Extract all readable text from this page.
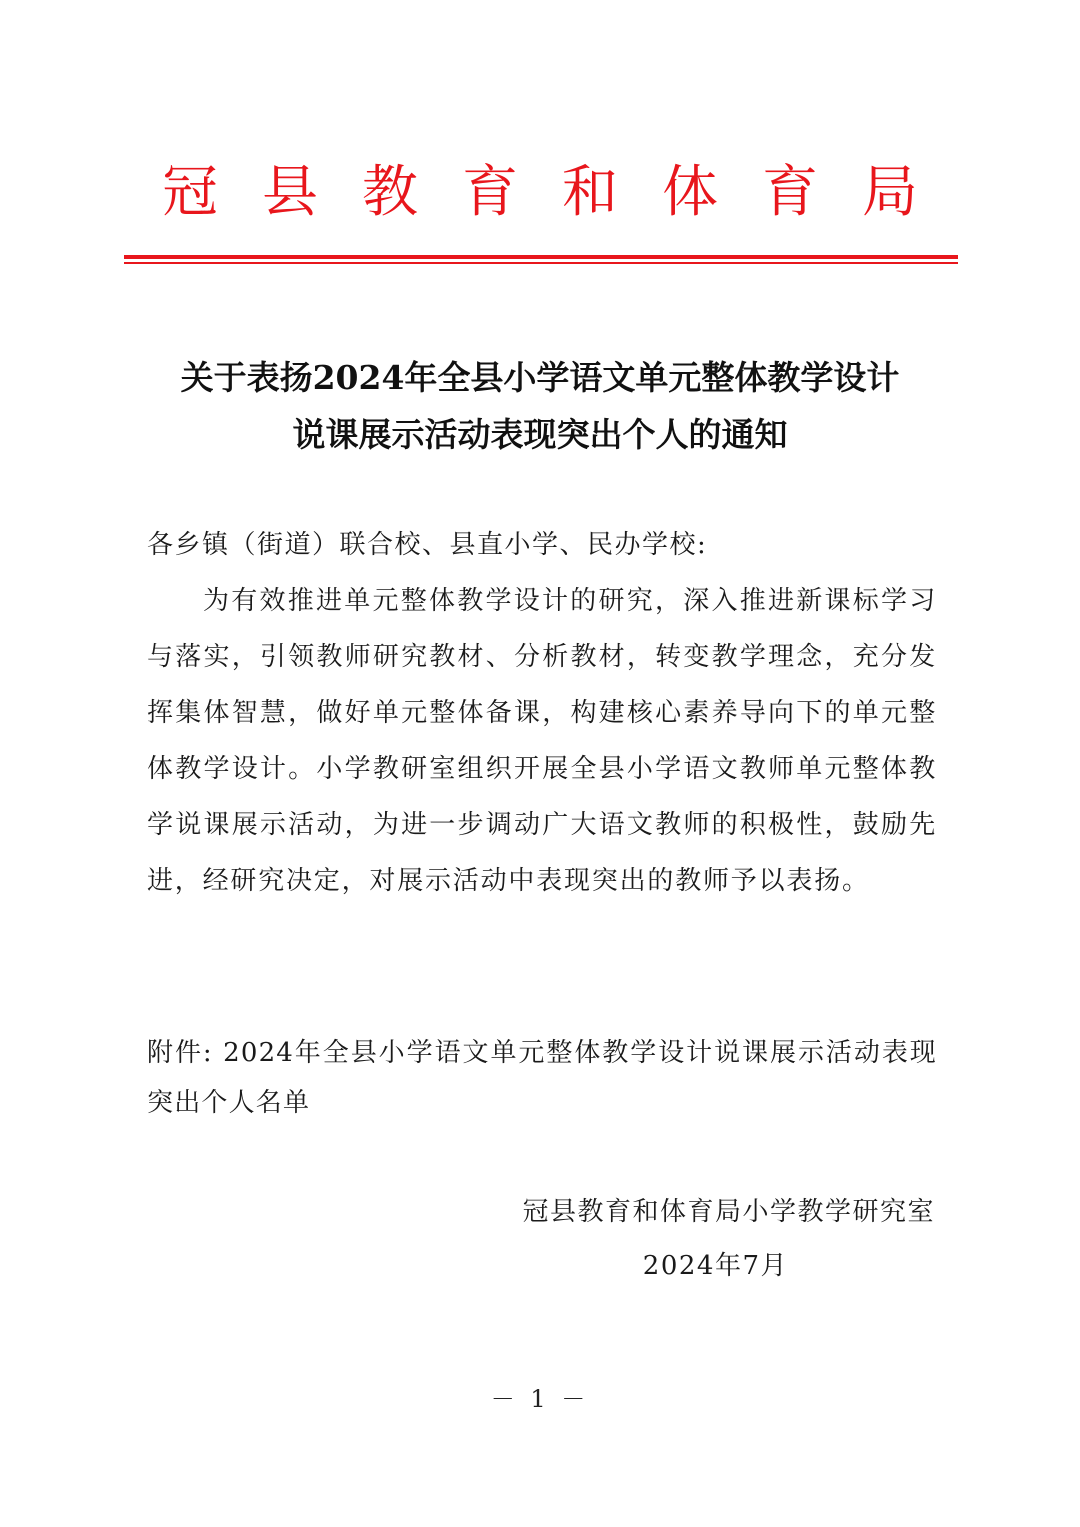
冠县教育和体育局
关于表扬2024年全县小学语文单元整体教学设计
说课展示活动表现突出个人的通知
各乡镇（街道）联合校、县直小学、民办学校:
为有效推进单元整体教学设计的研究，深入推进新课标学习与落实，引领教师研究教材、分析教材，转变教学理念，充分发挥集体智慧，做好单元整体备课，构建核心素养导向下的单元整体教学设计。小学教研室组织开展全县小学语文教师单元整体教学说课展示活动，为进一步调动广大语文教师的积极性，鼓励先进，经研究决定，对展示活动中表现突出的教师予以表扬。
附件: 2024年全县小学语文单元整体教学设计说课展示活动表现突出个人名单
冠县教育和体育局小学教学研究室
2024年7月
－ 1 －
